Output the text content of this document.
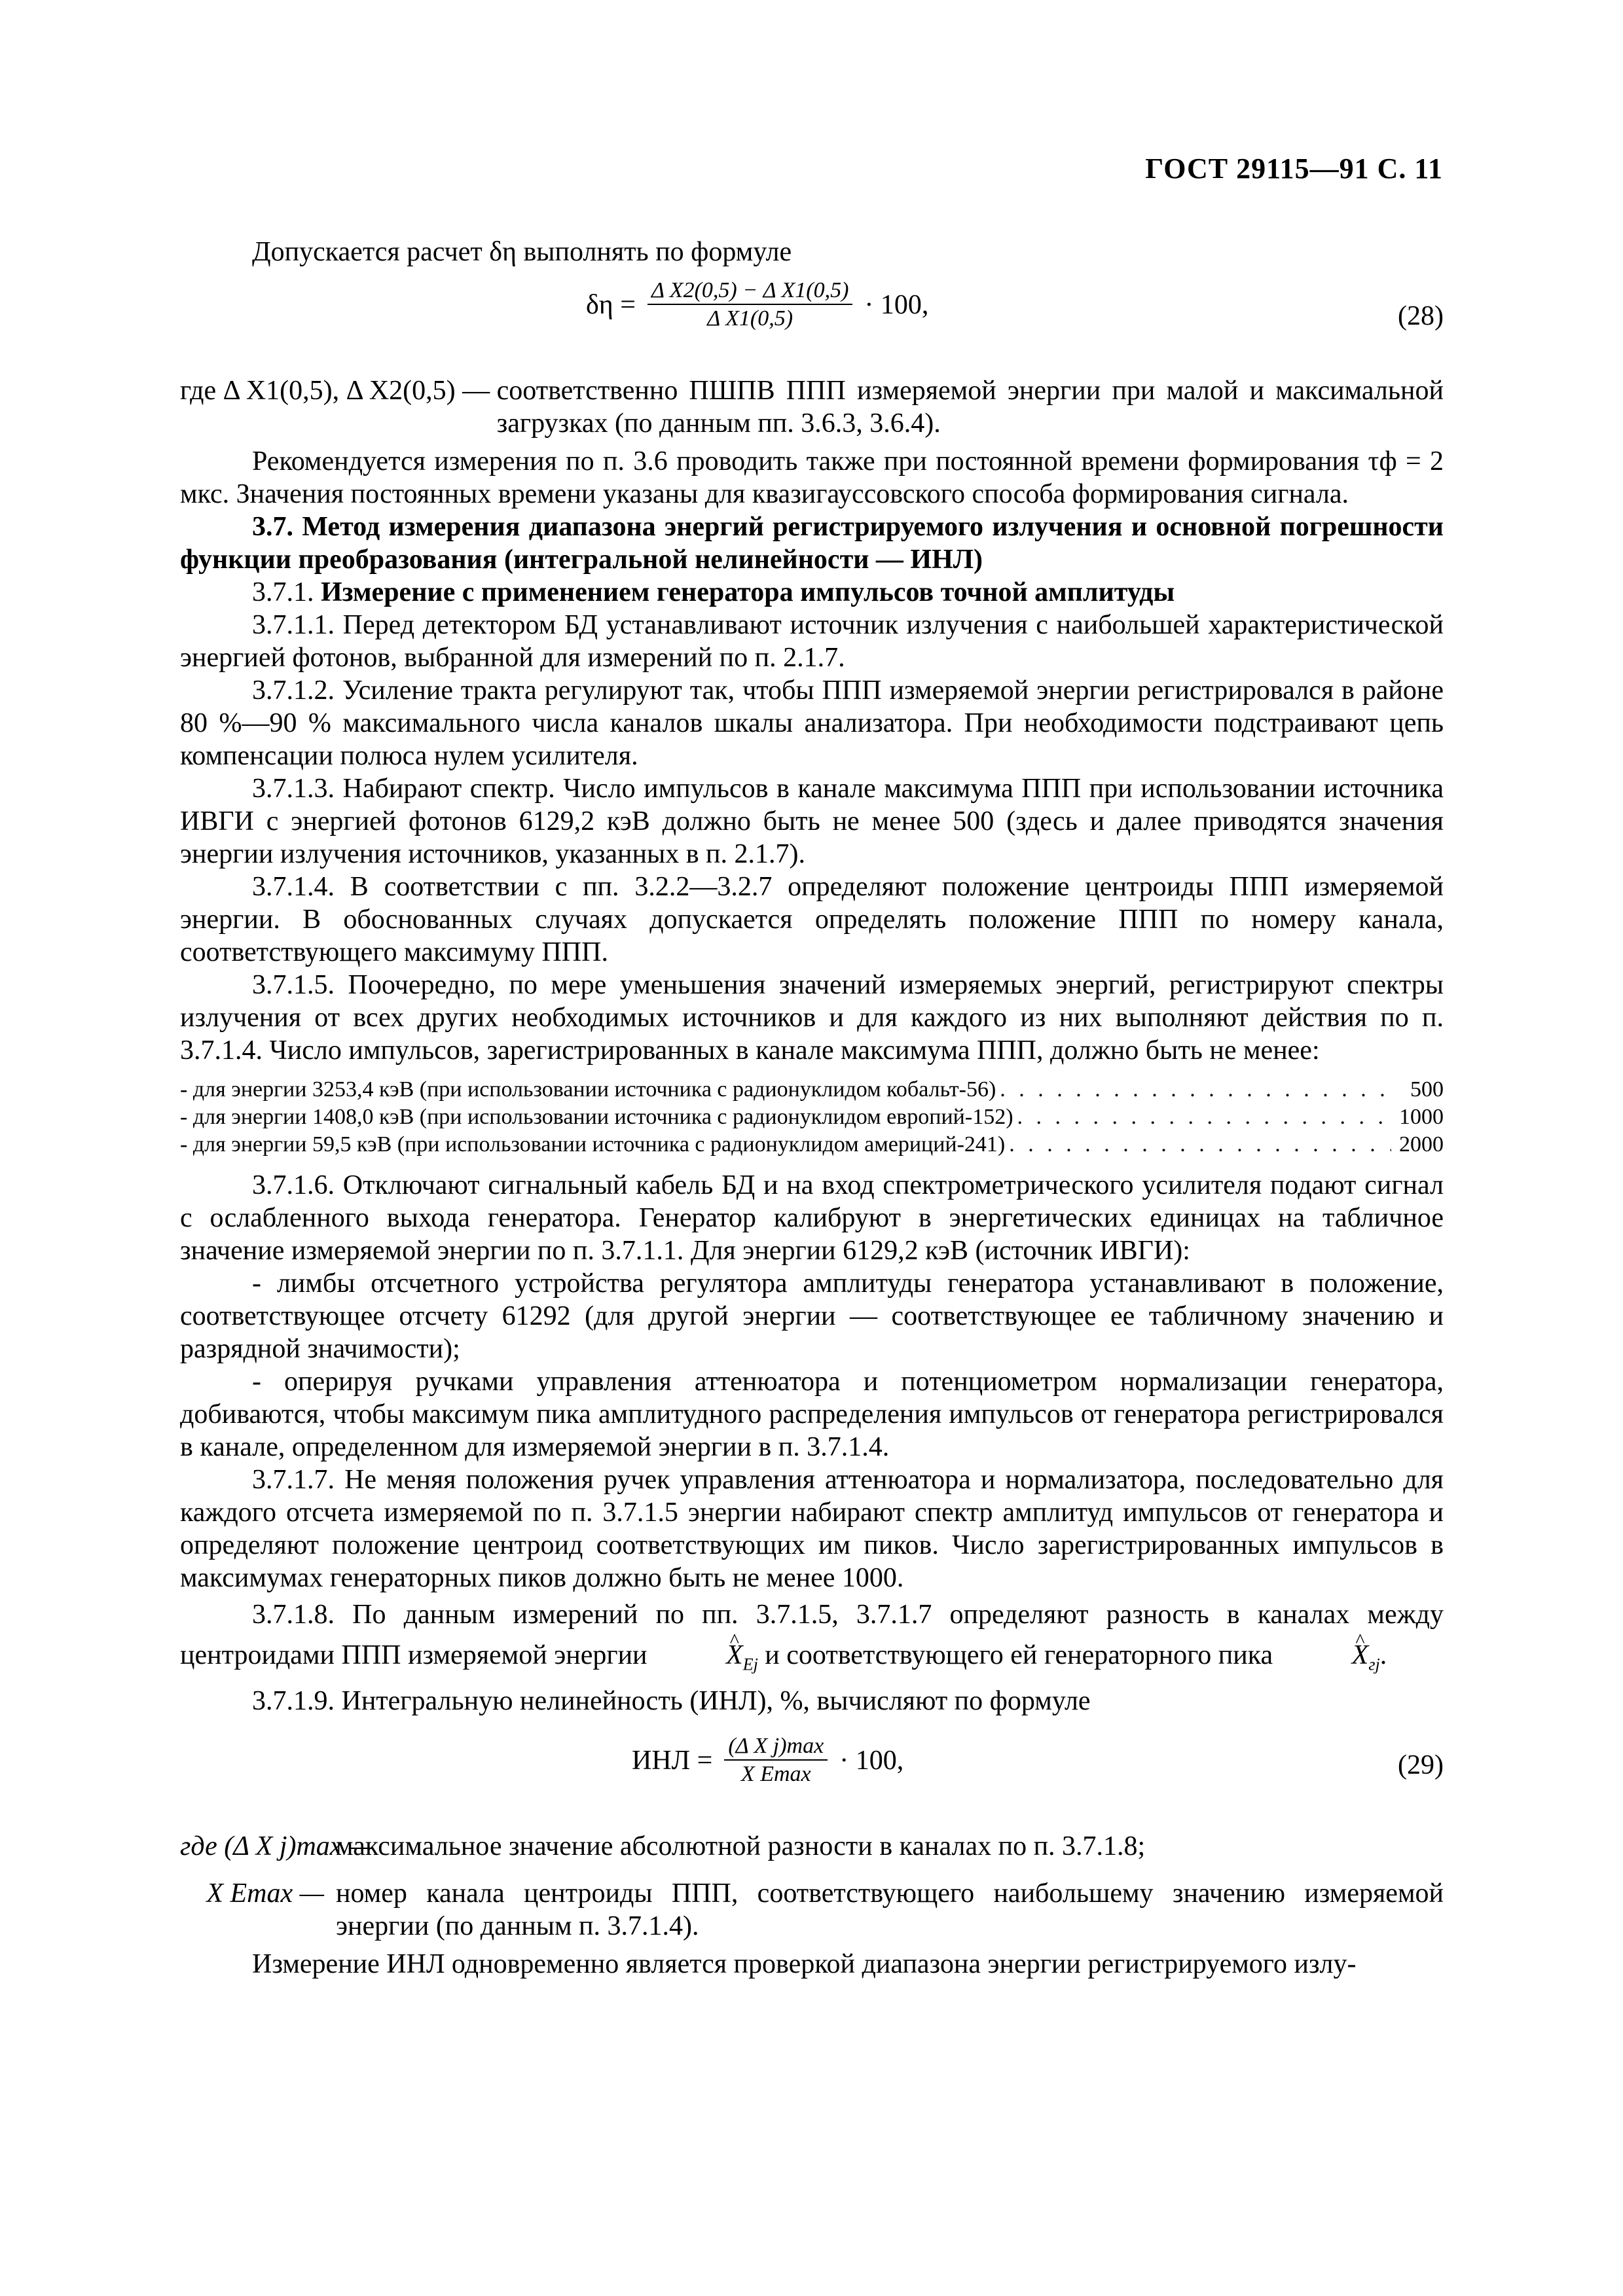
ГОСТ 29115—91 С. 11

Допускается расчет δη выполнять по формуле

$\delta\eta = \frac{\text{Δ X2(0,5) − Δ X1(0,5)}}{\text{Δ X1(0,5)}} \cdot 100$,	(28)
где Δ X1(0,5), Δ X2(0,5) —
соответственно ПШПВ ППП измеряемой энергии при малой и максимальной загрузках (по данным пп. 3.6.3, 3.6.4).

Рекомендуется измерения по п. 3.6 проводить также при постоянной времени формирования τф = 2 мкс. Значения постоянных времени указаны для квазигауссовского способа формирования сигнала.

3.7. Метод измерения диапазона энергий регистрируемого излучения и основной погрешности функции преобразования (интегральной нелинейности — ИНЛ)

3.7.1. Измерение с применением генератора импульсов точной амплитуды

3.7.1.1. Перед детектором БД устанавливают источник излучения с наибольшей характеристической энергией фотонов, выбранной для измерений по п. 2.1.7.

3.7.1.2. Усиление тракта регулируют так, чтобы ППП измеряемой энергии регистрировался в районе 80 %—90 % максимального числа каналов шкалы анализатора. При необходимости подстраивают цепь компенсации полюса нулем усилителя.

3.7.1.3. Набирают спектр. Число импульсов в канале максимума ППП при использовании источника ИВГИ с энергией фотонов 6129,2 кэВ должно быть не менее 500 (здесь и далее приводятся значения энергии излучения источников, указанных в п. 2.1.7).

3.7.1.4. В соответствии с пп. 3.2.2—3.2.7 определяют положение центроиды ППП измеряемой энергии. В обоснованных случаях допускается определять положение ППП по номеру канала, соответствующего максимуму ППП.

3.7.1.5. Поочередно, по мере уменьшения значений измеряемых энергий, регистрируют спектры излучения от всех других необходимых источников и для каждого из них выполняют действия по п. 3.7.1.4. Число импульсов, зарегистрированных в канале максимума ППП, должно быть не менее:

- для энергии 3253,4 кэВ (при использовании источника с радионуклидом кобальт-56) . . .	500
- для энергии 1408,0 кэВ (при использовании источника с радионуклидом европий-152) . . .	1000
- для энергии 59,5 кэВ (при использовании источника с радионуклидом америций-241) . . .	2000

3.7.1.6. Отключают сигнальный кабель БД и на вход спектрометрического усилителя подают сигнал с ослабленного выхода генератора. Генератор калибруют в энергетических единицах на табличное значение измеряемой энергии по п. 3.7.1.1. Для энергии 6129,2 кэВ (источник ИВГИ):

- лимбы отсчетного устройства регулятора амплитуды генератора устанавливают в положение, соответствующее отсчету 61292 (для другой энергии — соответствующее ее табличному значению и разрядной значимости);

- оперируя ручками управления аттенюатора и потенциометром нормализации генератора, добиваются, чтобы максимум пика амплитудного распределения импульсов от генератора регистрировался в канале, определенном для измеряемой энергии в п. 3.7.1.4.

3.7.1.7. Не меняя положения ручек управления аттенюатора и нормализатора, последовательно для каждого отсчета измеряемой по п. 3.7.1.5 энергии набирают спектр амплитуд импульсов от генератора и определяют положение центроид соответствующих им пиков. Число зарегистрированных импульсов в максимумах генераторных пиков должно быть не менее 1000.

3.7.1.8. По данным измерений по пп. 3.7.1.5, 3.7.1.7 определяют разность в каналах между центроидами ППП измеряемой энергии	^ $X_{Ej}$ и соответствующего ей генераторного пика	^ $X_{гj}$.

3.7.1.9. Интегральную нелинейность (ИНЛ), %, вычисляют по формуле

ИНЛ = $\frac{\text{(Δ X j)max}}{\text{X Emax}} \cdot 100$,	(29)
где (Δ X j)max —
максимальное значение абсолютной разности в каналах по п. 3.7.1.8;
X Emax — номер канала центроиды ППП, соответствующего наибольшему значению измеряемой энергии (по данным п. 3.7.1.4).

Измерение ИНЛ одновременно является проверкой диапазона энергии регистрируемого излу-
